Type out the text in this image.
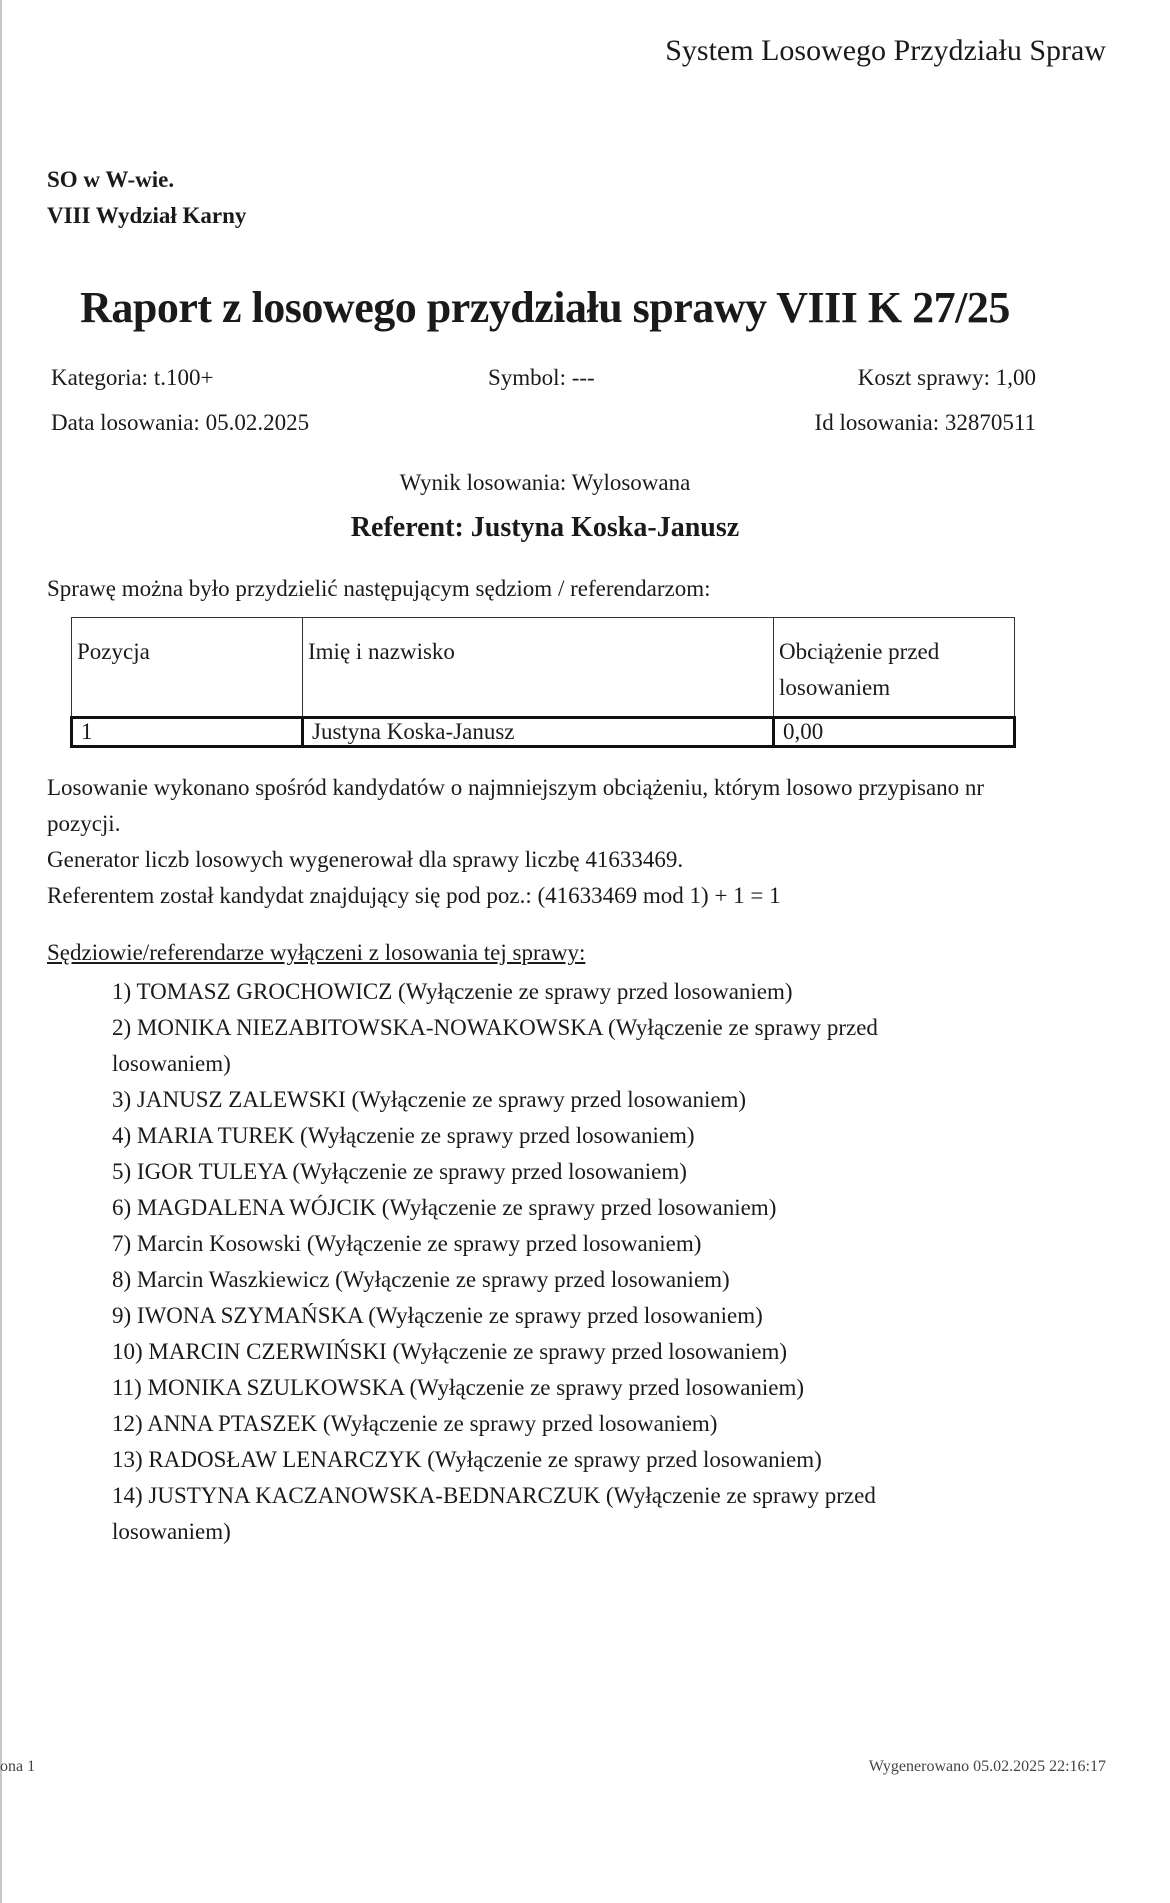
System Losowego Przydziału Spraw
SO w W-wie.
VIII Wydział Karny
Raport z losowego przydziału sprawy VIII K 27/25
Kategoria: t.100+	Symbol: ---	Koszt sprawy: 1,00
Data losowania: 05.02.2025	Id losowania: 32870511
Wynik losowania: Wylosowana
Referent: Justyna Koska-Janusz
Sprawę można było przydzielić następującym sędziom / referendarzom:
Pozycja	Imię i nazwisko	Obciążenie przed losowaniem
1	Justyna Koska-Janusz	0,00
Losowanie wykonano spośród kandydatów o najmniejszym obciążeniu, którym losowo przypisano nr pozycji.
Generator liczb losowych wygenerował dla sprawy liczbę 41633469.
Referentem został kandydat znajdujący się pod poz.: (41633469 mod 1) + 1 = 1
Sędziowie/referendarze wyłączeni z losowania tej sprawy:
1) TOMASZ GROCHOWICZ (Wyłączenie ze sprawy przed losowaniem)
2) MONIKA NIEZABITOWSKA-NOWAKOWSKA (Wyłączenie ze sprawy przed losowaniem)
3) JANUSZ ZALEWSKI (Wyłączenie ze sprawy przed losowaniem)
4) MARIA TUREK (Wyłączenie ze sprawy przed losowaniem)
5) IGOR TULEYA (Wyłączenie ze sprawy przed losowaniem)
6) MAGDALENA WÓJCIK (Wyłączenie ze sprawy przed losowaniem)
7) Marcin Kosowski (Wyłączenie ze sprawy przed losowaniem)
8) Marcin Waszkiewicz (Wyłączenie ze sprawy przed losowaniem)
9) IWONA SZYMAŃSKA (Wyłączenie ze sprawy przed losowaniem)
10) MARCIN CZERWIŃSKI (Wyłączenie ze sprawy przed losowaniem)
11) MONIKA SZULKOWSKA (Wyłączenie ze sprawy przed losowaniem)
12) ANNA PTASZEK (Wyłączenie ze sprawy przed losowaniem)
13) RADOSŁAW LENARCZYK (Wyłączenie ze sprawy przed losowaniem)
14) JUSTYNA KACZANOWSKA-BEDNARCZUK (Wyłączenie ze sprawy przed losowaniem)
ona 1	Wygenerowano 05.02.2025 22:16:17
